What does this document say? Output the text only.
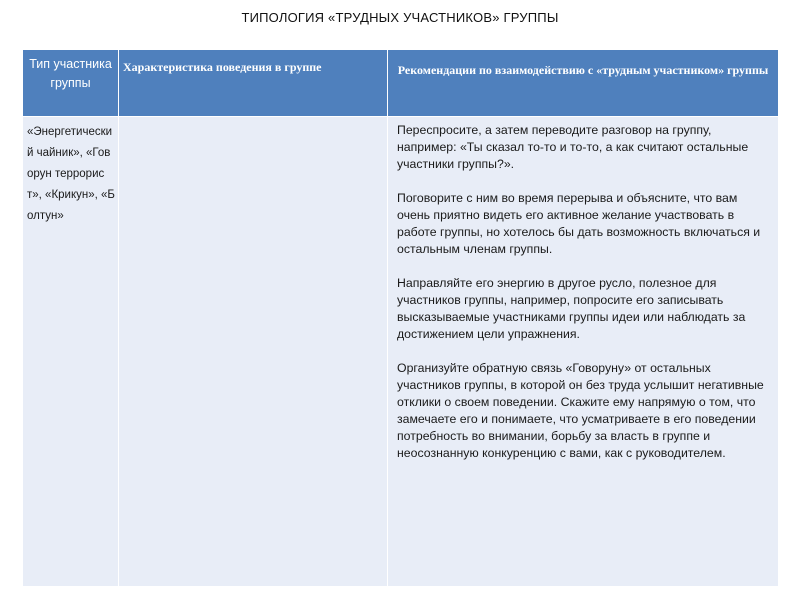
ТИПОЛОГИЯ «ТРУДНЫХ УЧАСТНИКОВ» ГРУППЫ
Тип участника группы	Характеристика поведения в группе	Рекомендации по взаимодействию с «трудным участником» группы
«Энергетический чайник», «Говорун террорист», «Крикун», «Болтун»		Переспросите, а затем переводите разговор на группу, например: «Ты сказал то-то и то-то, а как считают остальные участники группы?».

Поговорите с ним во время перерыва и объясните, что вам очень приятно видеть его активное желание участвовать в работе группы, но хотелось бы дать возможность включаться и остальным членам группы.

Направляйте его энергию в другое русло, полезное для участников группы, например, попросите его записывать высказываемые участниками группы идеи или наблюдать за достижением цели упражнения.

Организуйте обратную связь «Говоруну» от остальных участников группы, в которой он без труда услышит негативные отклики о своем поведении. Скажите ему напрямую о том, что замечаете его и понимаете, что усматриваете в его поведении потребность во внимании, борьбу за власть в группе и неосознанную конкуренцию с вами, как с руководителем.
